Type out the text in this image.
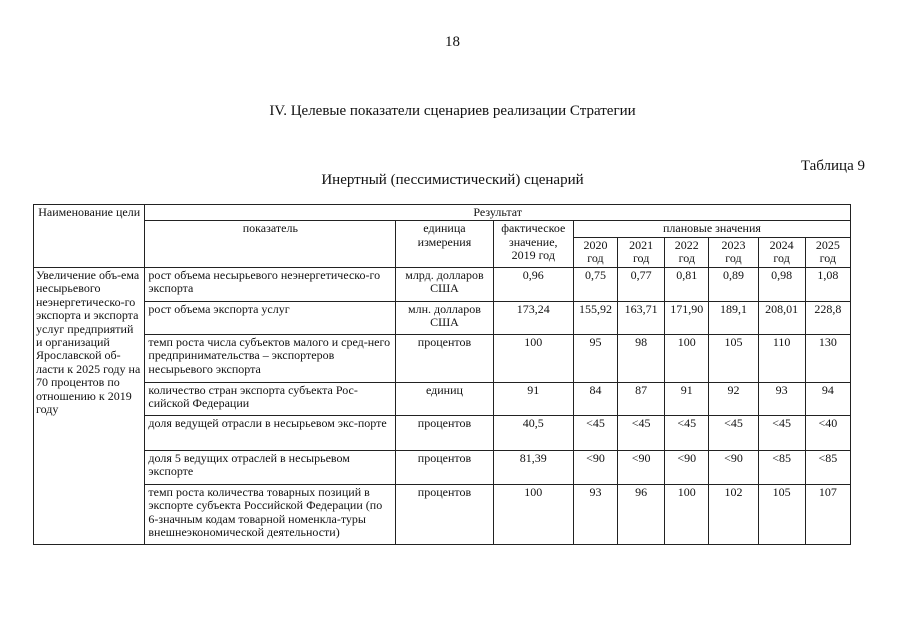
18
IV. Целевые показатели сценариев реализации Стратегии
Таблица 9
Инертный (пессимистический) сценарий
Наименование цели	Результат								
	показатель	единица измерения	фактическое значение, 2019 год	плановые значения					
				2020 год	2021 год	2022 год	2023 год	2024 год	2025 год
Увеличение объ-ема несырьевого неэнергетическо-го экспорта и экспорта услуг предприятий и организаций Ярославской об-ласти к 2025 году на 70 процентов по отношению к 2019 году	рост объема несырьевого неэнергетическо-го экспорта	млрд. долларов США	0,96	0,75	0,77	0,81	0,89	0,98	1,08
	рост объема экспорта услуг	млн. долларов США	173,24	155,92	163,71	171,90	189,1	208,01	228,8
	темп роста числа субъектов малого и сред-него предпринимательства – экспортеров несырьевого экспорта	процентов	100	95	98	100	105	110	130
	количество стран экспорта субъекта Рос-сийской Федерации	единиц	91	84	87	91	92	93	94
	доля ведущей отрасли в несырьевом экс-порте	процентов	40,5	<45	<45	<45	<45	<45	<40
	доля 5 ведущих отраслей в несырьевом экспорте	процентов	81,39	<90	<90	<90	<90	<85	<85
	темп роста количества товарных позиций в экспорте субъекта Российской Федерации (по 6-значным кодам товарной номенкла-туры внешнеэкономической деятельности)	процентов	100	93	96	100	102	105	107
